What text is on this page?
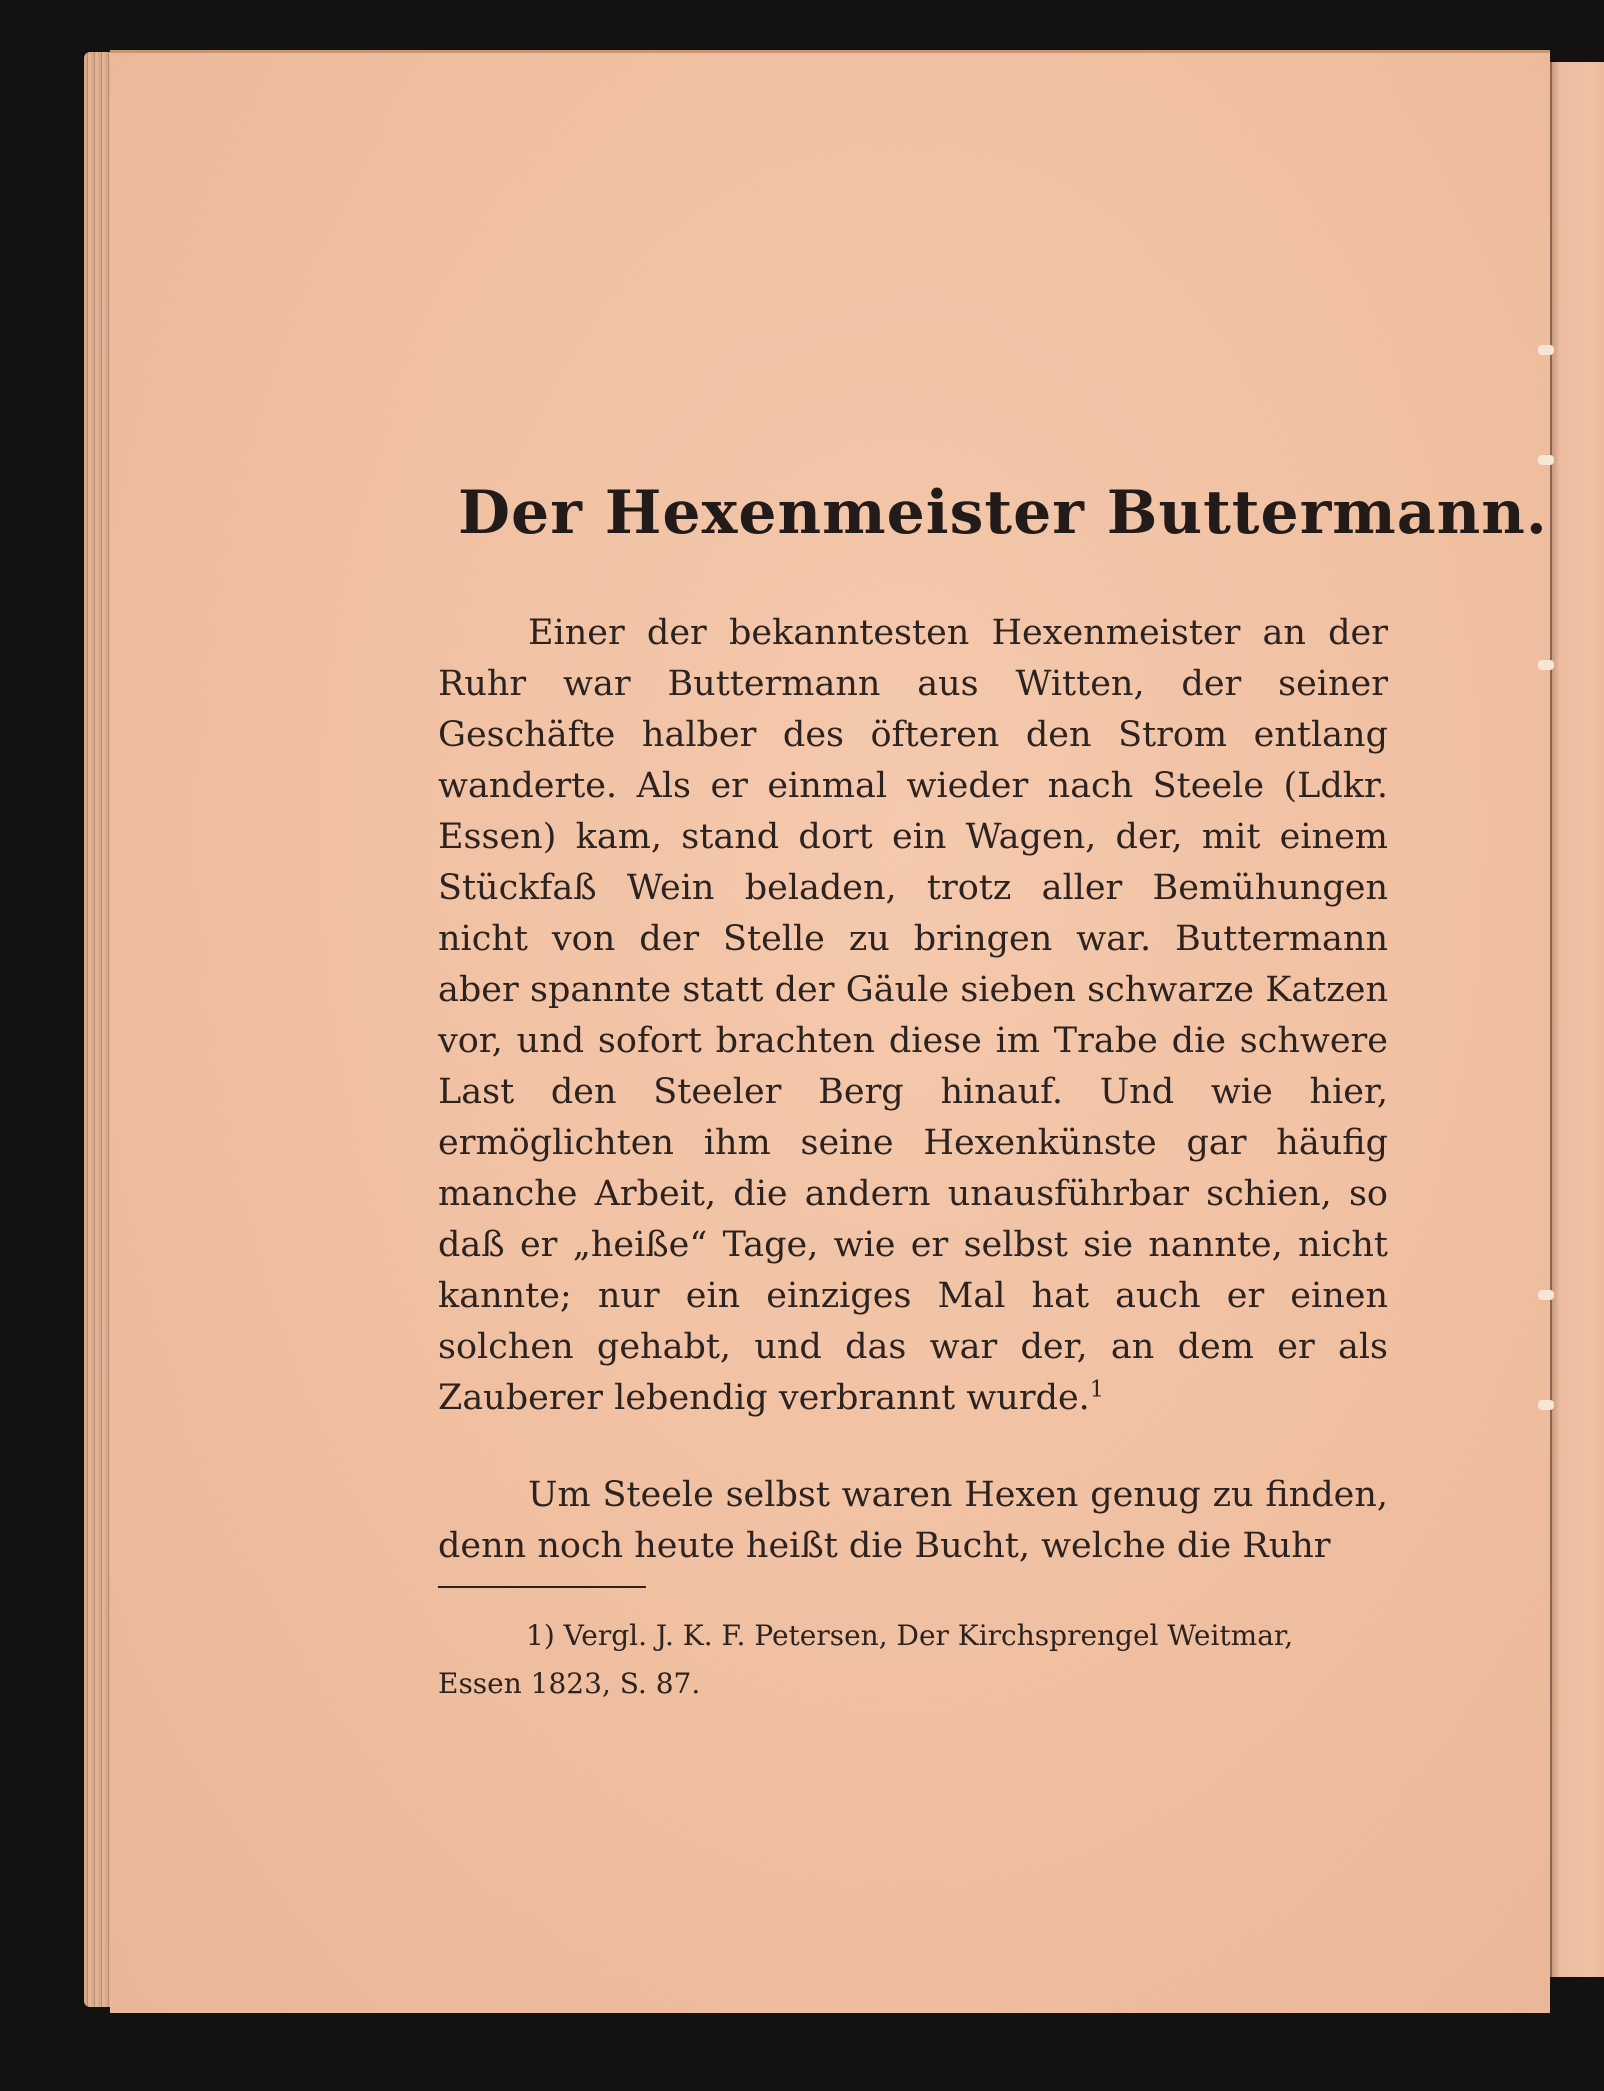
Der Hexenmeister Buttermann.

Einer der bekanntesten Hexenmeister an der Ruhr war Buttermann aus Witten, der seiner Geschäfte halber des öfteren den Strom entlang wanderte. Als er einmal wieder nach Steele (Ldkr. Essen) kam, stand dort ein Wagen, der, mit einem Stückfaß Wein beladen, trotz aller Bemühungen nicht von der Stelle zu bringen war. Buttermann aber spannte statt der Gäule sieben schwarze Katzen vor, und sofort brachten diese im Trabe die schwere Last den Steeler Berg hinauf. Und wie hier, ermöglichten ihm seine Hexenkünste gar häufig manche Arbeit, die andern unausführbar schien, so daß er „heiße“ Tage, wie er selbst sie nannte, nicht kannte; nur ein einziges Mal hat auch er einen solchen gehabt, und das war der, an dem er als Zauberer lebendig verbrannt wurde.$^1$

Um Steele selbst waren Hexen genug zu finden, denn noch heute heißt die Bucht, welche die Ruhr

1) Vergl. J. K. F. Petersen, Der Kirchsprengel Weitmar, Essen 1823, S. 87.
